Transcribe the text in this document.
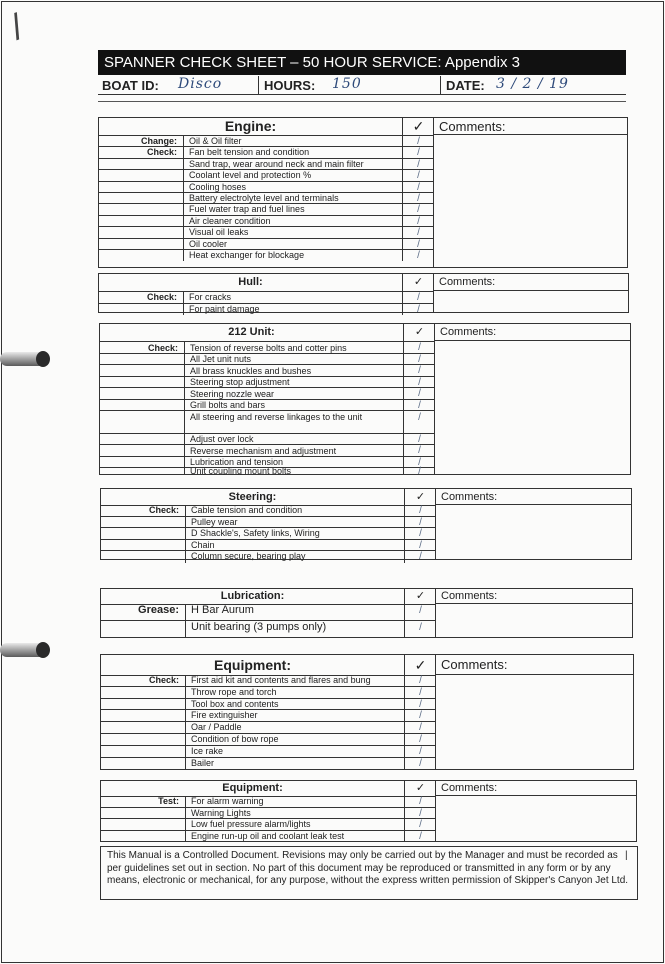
/
SPANNER CHECK SHEET – 50 HOUR SERVICE: Appendix 3
BOAT ID: Disco	HOURS: 150	DATE: 3 / 2 / 19
Engine:	✓	Comments:
Change:	Oil & Oil filter	/
Check:	Fan belt tension and condition	/
Sand trap, wear around neck and main filter	/
Coolant level and protection %	/
Cooling hoses	/
Battery electrolyte level and terminals	/
Fuel water trap and fuel lines	/
Air cleaner condition	/
Visual oil leaks	/
Oil cooler	/
Heat exchanger for blockage	/
Hull:	✓	Comments:
Check:	For cracks	/
For paint damage	/
212 Unit:	✓	Comments:
Check:	Tension of reverse bolts and cotter pins	/
All Jet unit nuts	/
All brass knuckles and bushes	/
Steering stop adjustment	/
Steering nozzle wear	/
Grill bolts and bars	/
All steering and reverse linkages to the unit	/
Adjust over lock	/
Reverse mechanism and adjustment	/
Lubrication and tension	/
Unit coupling mount bolts	/
Steering:	✓	Comments:
Check:	Cable tension and condition	/
Pulley wear	/
D Shackle's, Safety links, Wiring	/
Chain	/
Column secure, bearing play	/
Lubrication:	✓	Comments:
Grease:	H Bar Aurum	/
Unit bearing (3 pumps only)	/
Equipment:	✓	Comments:
Check:	First aid kit and contents and flares and bung	/
Throw rope and torch	/
Tool box and contents	/
Fire extinguisher	/
Oar / Paddle	/
Condition of bow rope	/
Ice rake	/
Bailer	/
Equipment:	✓	Comments:
Test:	For alarm warning	/
Warning Lights	/
Low fuel pressure alarm/lights	/
Engine run-up oil and coolant leak test	/
This Manual is a Controlled Document. Revisions may only be carried out by the Manager and must be recorded as per guidelines set out in section. No part of this document may be reproduced or transmitted in any form or by any means, electronic or mechanical, for any purpose, without the express written permission of Skipper's Canyon Jet Ltd.
|
